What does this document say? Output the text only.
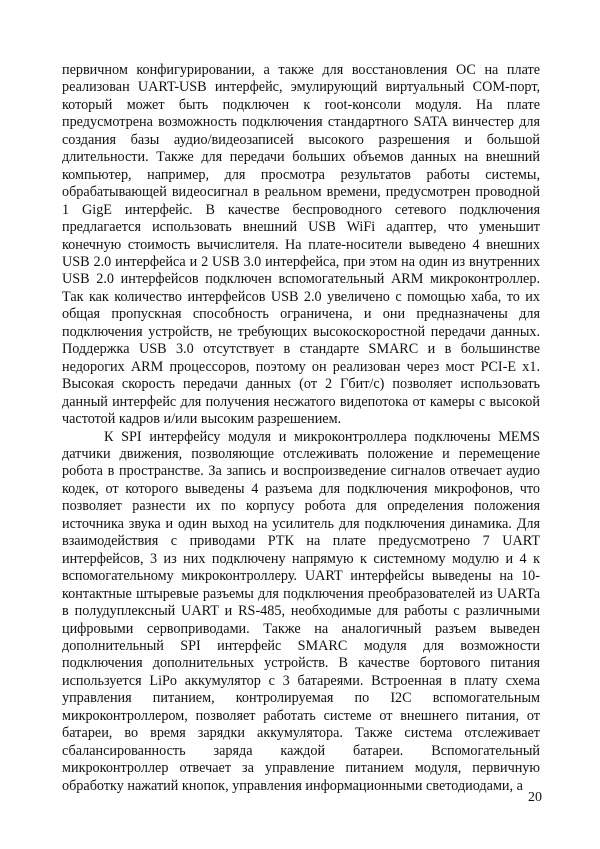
первичном конфигурировании, а также для восстановления ОС на плате реализован UART-USB интерфейс, эмулирующий виртуальный COM-порт, который может быть подключен к root-консоли модуля. На плате предусмотрена возможность подключения стандартного SATA винчестер для создания базы аудио/видеозаписей высокого разрешения и большой длительности. Также для передачи больших объемов данных на внешний компьютер, например, для просмотра результатов работы системы, обрабатывающей видеосигнал в реальном времени, предусмотрен проводной 1 GigE интерфейс. В качестве беспроводного сетевого подключения предлагается использовать внешний USB WiFi адаптер, что уменьшит конечную стоимость вычислителя. На плате-носители выведено 4 внешних USB 2.0 интерфейса и 2 USB 3.0 интерфейса, при этом на один из внутренних USB 2.0 интерфейсов подключен вспомогательный ARM микроконтроллер. Так как количество интерфейсов USB 2.0 увеличено с помощью хаба, то их общая пропускная способность ограничена, и они предназначены для подключения устройств, не требующих высокоскоростной передачи данных. Поддержка USB 3.0 отсутствует в стандарте SMARC и в большинстве недорогих ARM процессоров, поэтому он реализован через мост PCI-E x1. Высокая скорость передачи данных (от 2 Гбит/с) позволяет использовать данный интерфейс для получения несжатого видепотока от камеры с высокой частотой кадров и/или высоким разрешением.

К SPI интерфейсу модуля и микроконтроллера подключены MEMS датчики движения, позволяющие отслеживать положение и перемещение робота в пространстве. За запись и воспроизведение сигналов отвечает аудио кодек, от которого выведены 4 разъема для подключения микрофонов, что позволяет разнести их по корпусу робота для определения положения источника звука и один выход на усилитель для подключения динамика. Для взаимодействия с приводами РТК на плате предусмотрено 7 UART интерфейсов, 3 из них подключену напрямую к системному модулю и 4 к вспомогательному микроконтроллеру. UART интерфейсы выведены на 10-контактные штыревые разъемы для подключения преобразователей из UARTa в полудуплексный UART и RS-485, необходимые для работы с различными цифровыми сервоприводами. Также на аналогичный разъем выведен дополнительный SPI интерфейс SMARC модуля для возможности подключения дополнительных устройств. В качестве бортового питания используется LiPo аккумулятор с 3 батареями. Встроенная в плату схема управления питанием, контролируемая по I2C вспомогательным микроконтроллером, позволяет работать системе от внешнего питания, от батареи, во время зарядки аккумулятора. Также система отслеживает сбалансированность заряда каждой батареи. Вспомогательный микроконтроллер отвечает за управление питанием модуля, первичную обработку нажатий кнопок, управления информационными светодиодами, а

20
